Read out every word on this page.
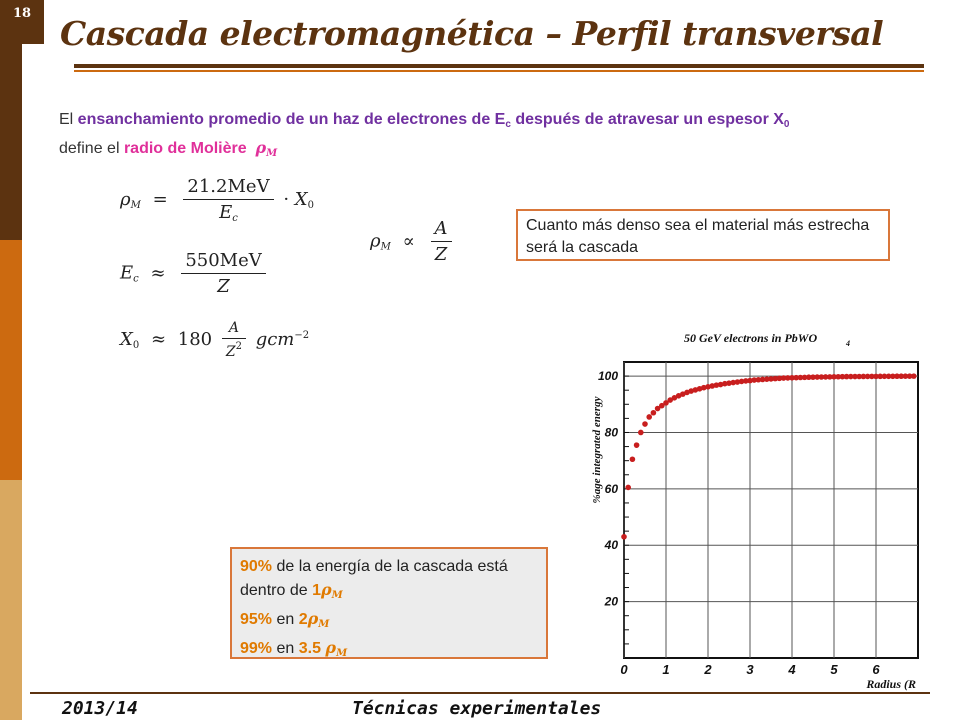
18
Cascada electromagnética – Perfil transversal
El ensanchamiento promedio de un haz de electrones de $E_c$ después de atravesar un espesor $X_0$ define el radio de Molière $\rho_M$
$\rho_M = \frac{\text{21.2MeV}}{E_c} \cdot X_0$
$E_c \approx \frac{\text{550MeV}}{Z}$
$X_0 \approx 180 \frac{A}{Z^2} gcm^{-2}$
$\rho_M \propto \frac{A}{Z}$	Cuanto más denso sea el material más estrecha será la cascada
90% de la energía de la cascada está dentro de $1\rho_M$
95% en $2\rho_M$
99% en 3.5 $\rho_M$
0	1	2	3	4	5	6
20
40
60
80
100
50 GeV electrons in PbWO	4
Radius (R
%age integrated energy
2013/14	Técnicas experimentales
